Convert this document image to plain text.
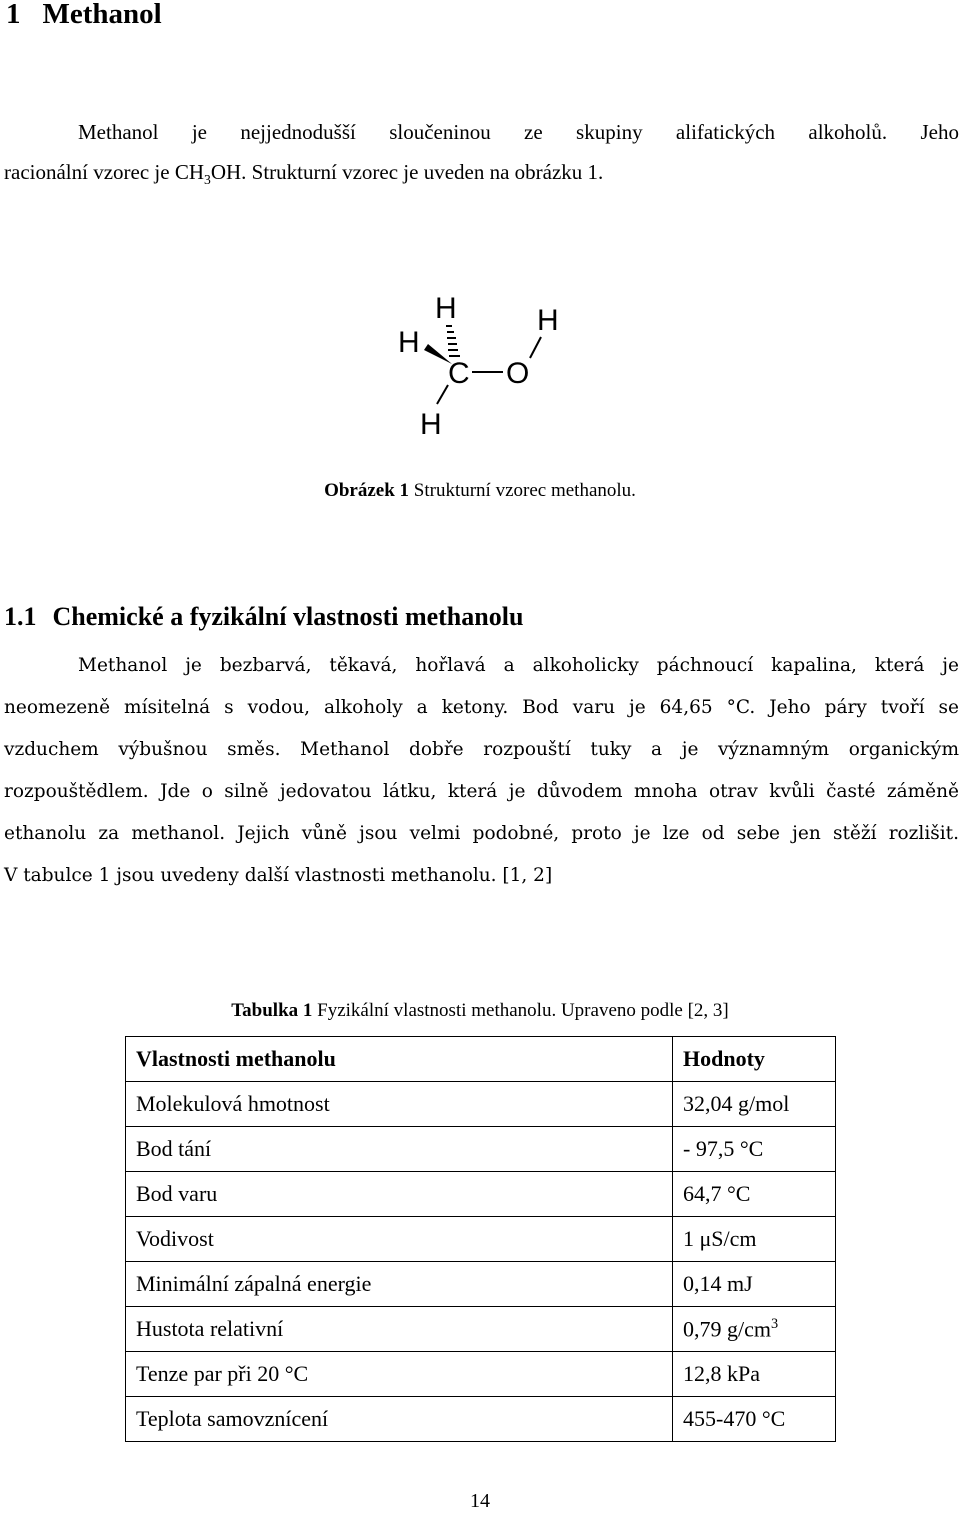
1 Methanol
Methanol je nejjednodušší sloučeninou ze skupiny alifatických alkoholů. Jeho
racionální vzorec je $CH_3OH$. Strukturní vzorec je uveden na obrázku 1.
H
H
H
C O
H
Obrázek 1 Strukturní vzorec methanolu.
1.1 Chemické a fyzikální vlastnosti methanolu
Methanol je bezbarvá, těkavá, hořlavá a alkoholicky páchnoucí kapalina, která je
neomezeně mísitelná s vodou, alkoholy a ketony. Bod varu je 64,65 °C. Jeho páry tvoří se
vzduchem výbušnou směs. Methanol dobře rozpouští tuky a je významným organickým
rozpouštědlem. Jde o silně jedovatou látku, která je důvodem mnoha otrav kvůli časté záměně
ethanolu za methanol. Jejich vůně jsou velmi podobné, proto je lze od sebe jen stěží rozlišit.
V tabulce 1 jsou uvedeny další vlastnosti methanolu. [1, 2]
Tabulka 1 Fyzikální vlastnosti methanolu. Upraveno podle [2, 3]
Vlastnosti methanolu	Hodnoty
Molekulová hmotnost	32,04 g/mol
Bod tání	- 97,5 °C
Bod varu	64,7 °C
Vodivost	1 μS/cm
Minimální zápalná energie	0,14 mJ
Hustota relativní	0,79 $g/cm^3$
Tenze par při 20 °C	12,8 kPa
Teplota samovznícení	455-470 °C
14
